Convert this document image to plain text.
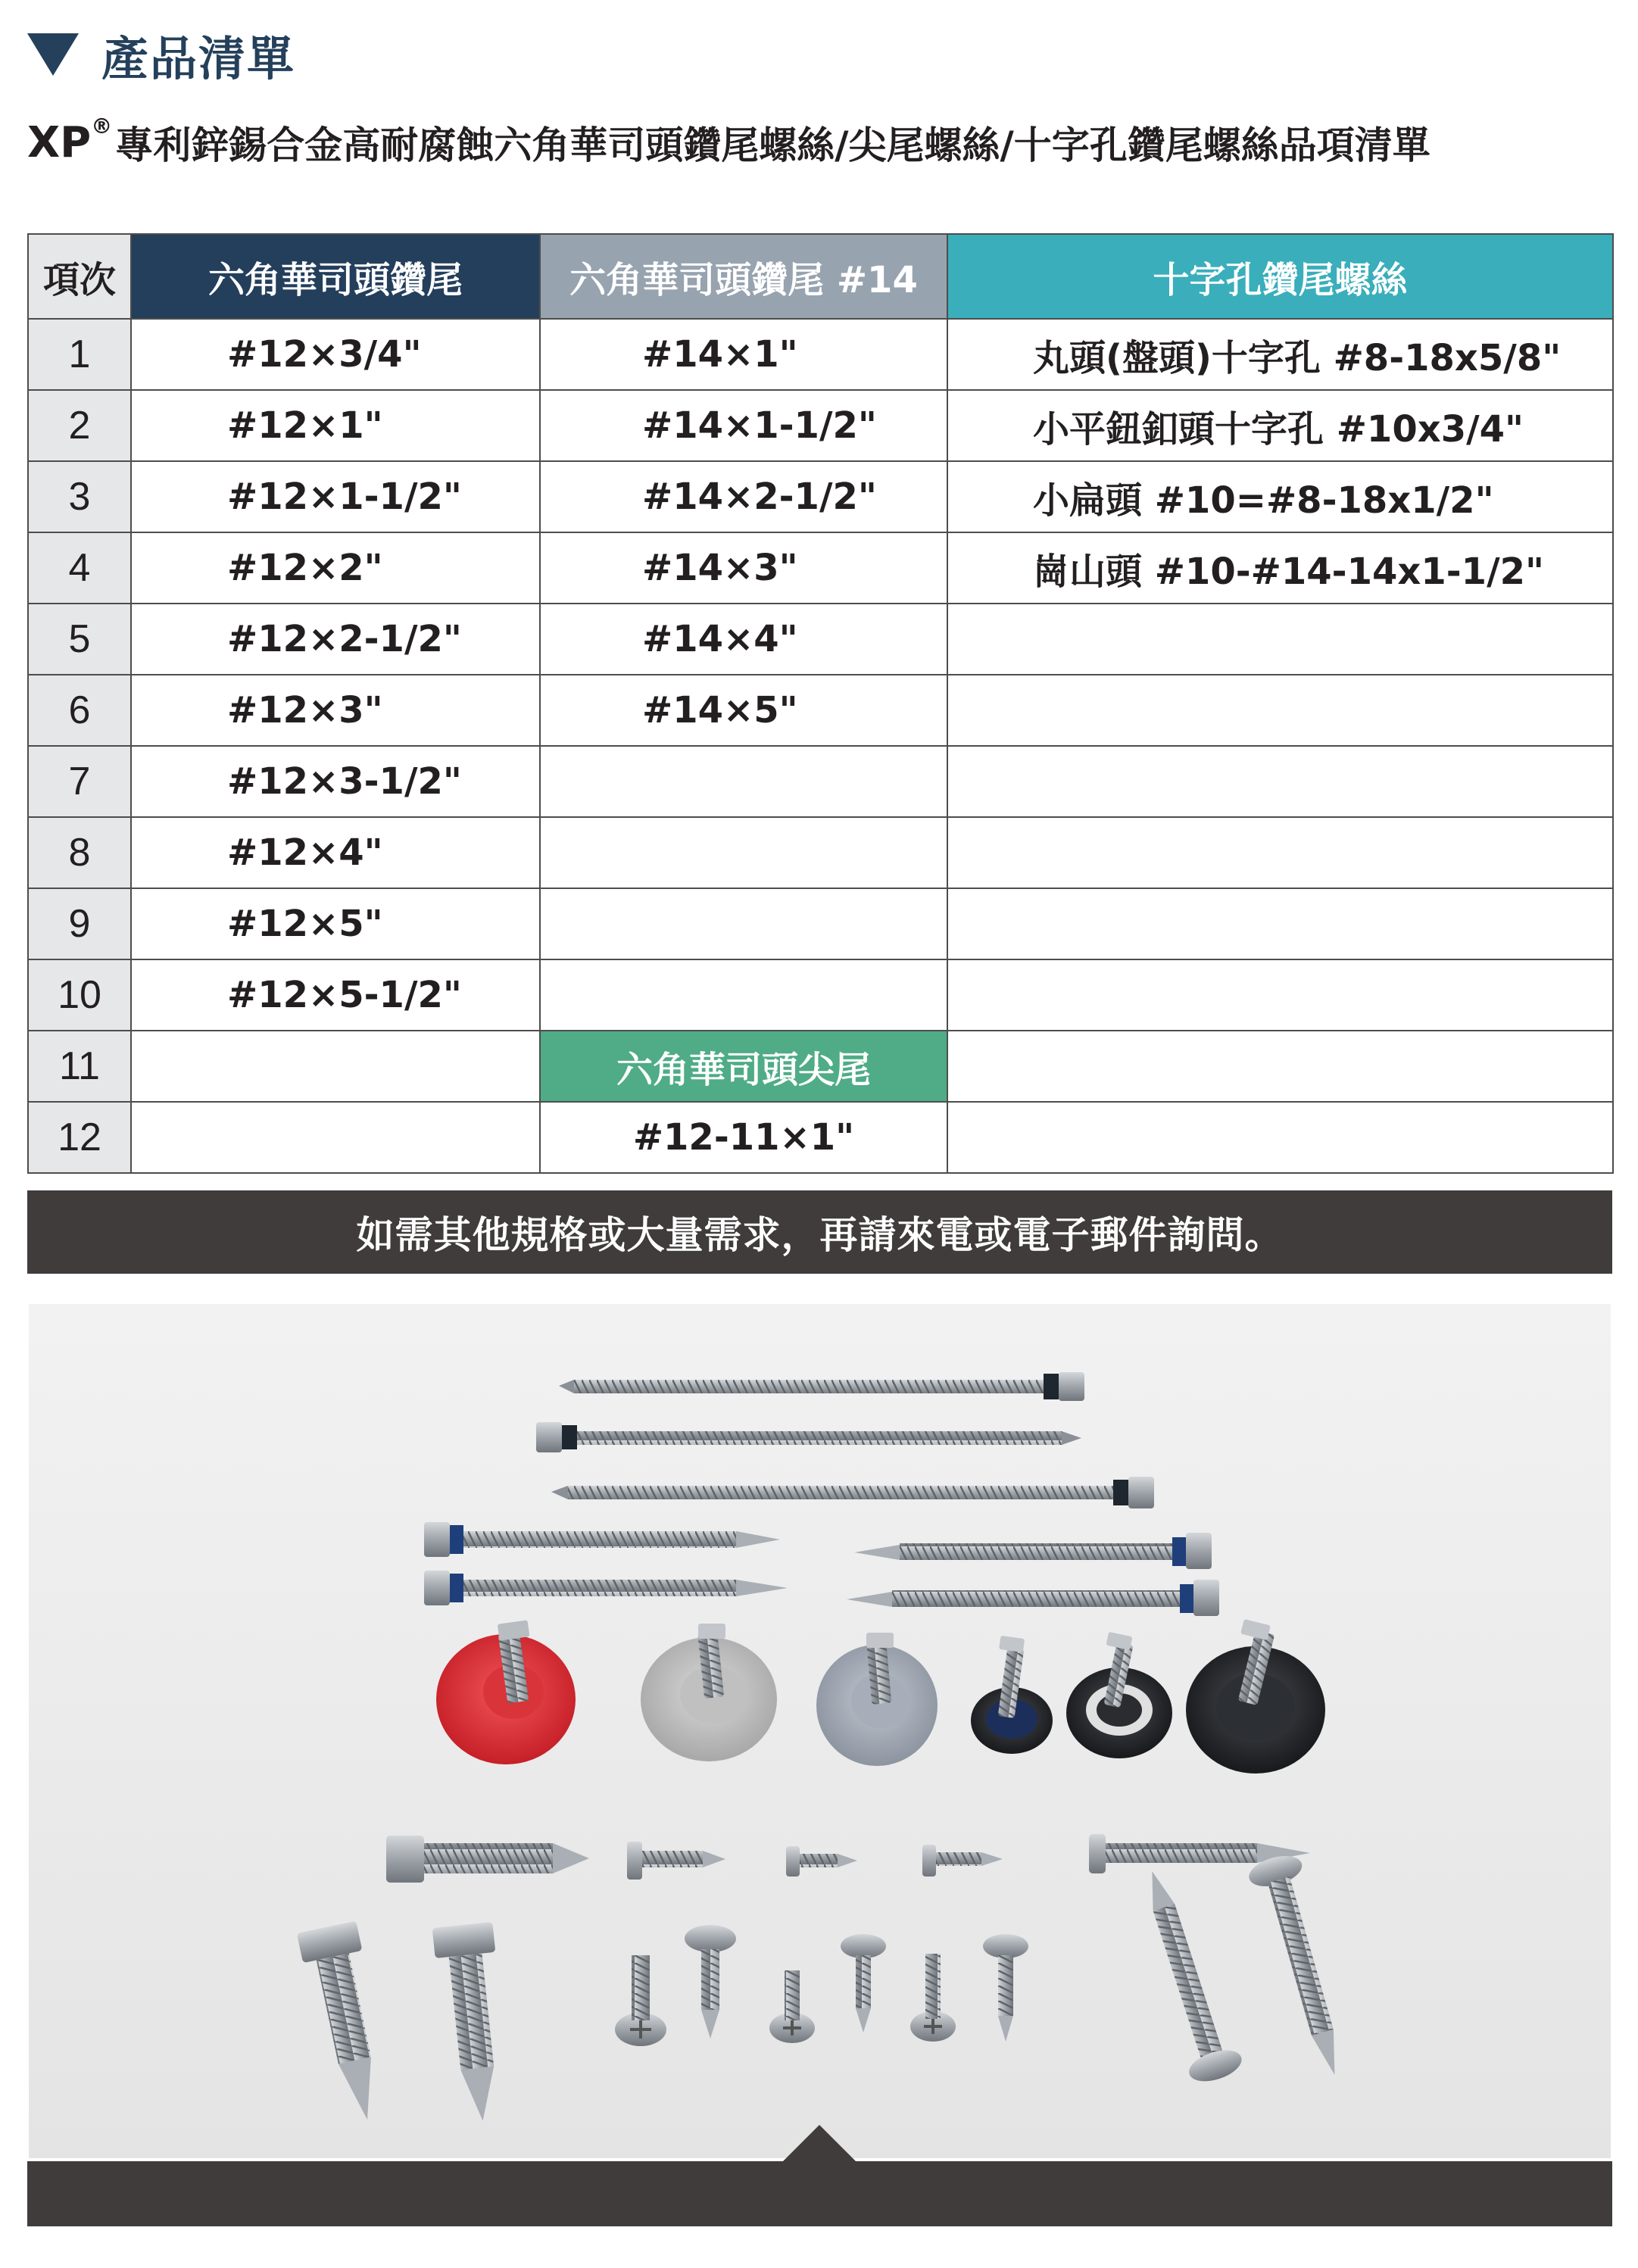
產品清單
XP® 專利鋅錫合金高耐腐蝕六角華司頭鑽尾螺絲/尖尾螺絲/十字孔鑽尾螺絲品項清單
項次	六角華司頭鑽尾	六角華司頭鑽尾 #14	十字孔鑽尾螺絲
1	#12×3/4"	#14×1"	丸頭(盤頭)十字孔 #8-18x5/8"
2	#12×1"	#14×1-1/2"	小平鈕釦頭十字孔 #10x3/4"
3	#12×1-1/2"	#14×2-1/2"	小扁頭 #10=#8-18x1/2"
4	#12×2"	#14×3"	崗山頭 #10-#14-14x1-1/2"
5	#12×2-1/2"	#14×4"	
6	#12×3"	#14×5"	
7	#12×3-1/2"		
8	#12×4"		
9	#12×5"		
10	#12×5-1/2"		
11		六角華司頭尖尾	
12		#12-11×1"	
如需其他規格或大量需求，再請來電或電子郵件詢問。
